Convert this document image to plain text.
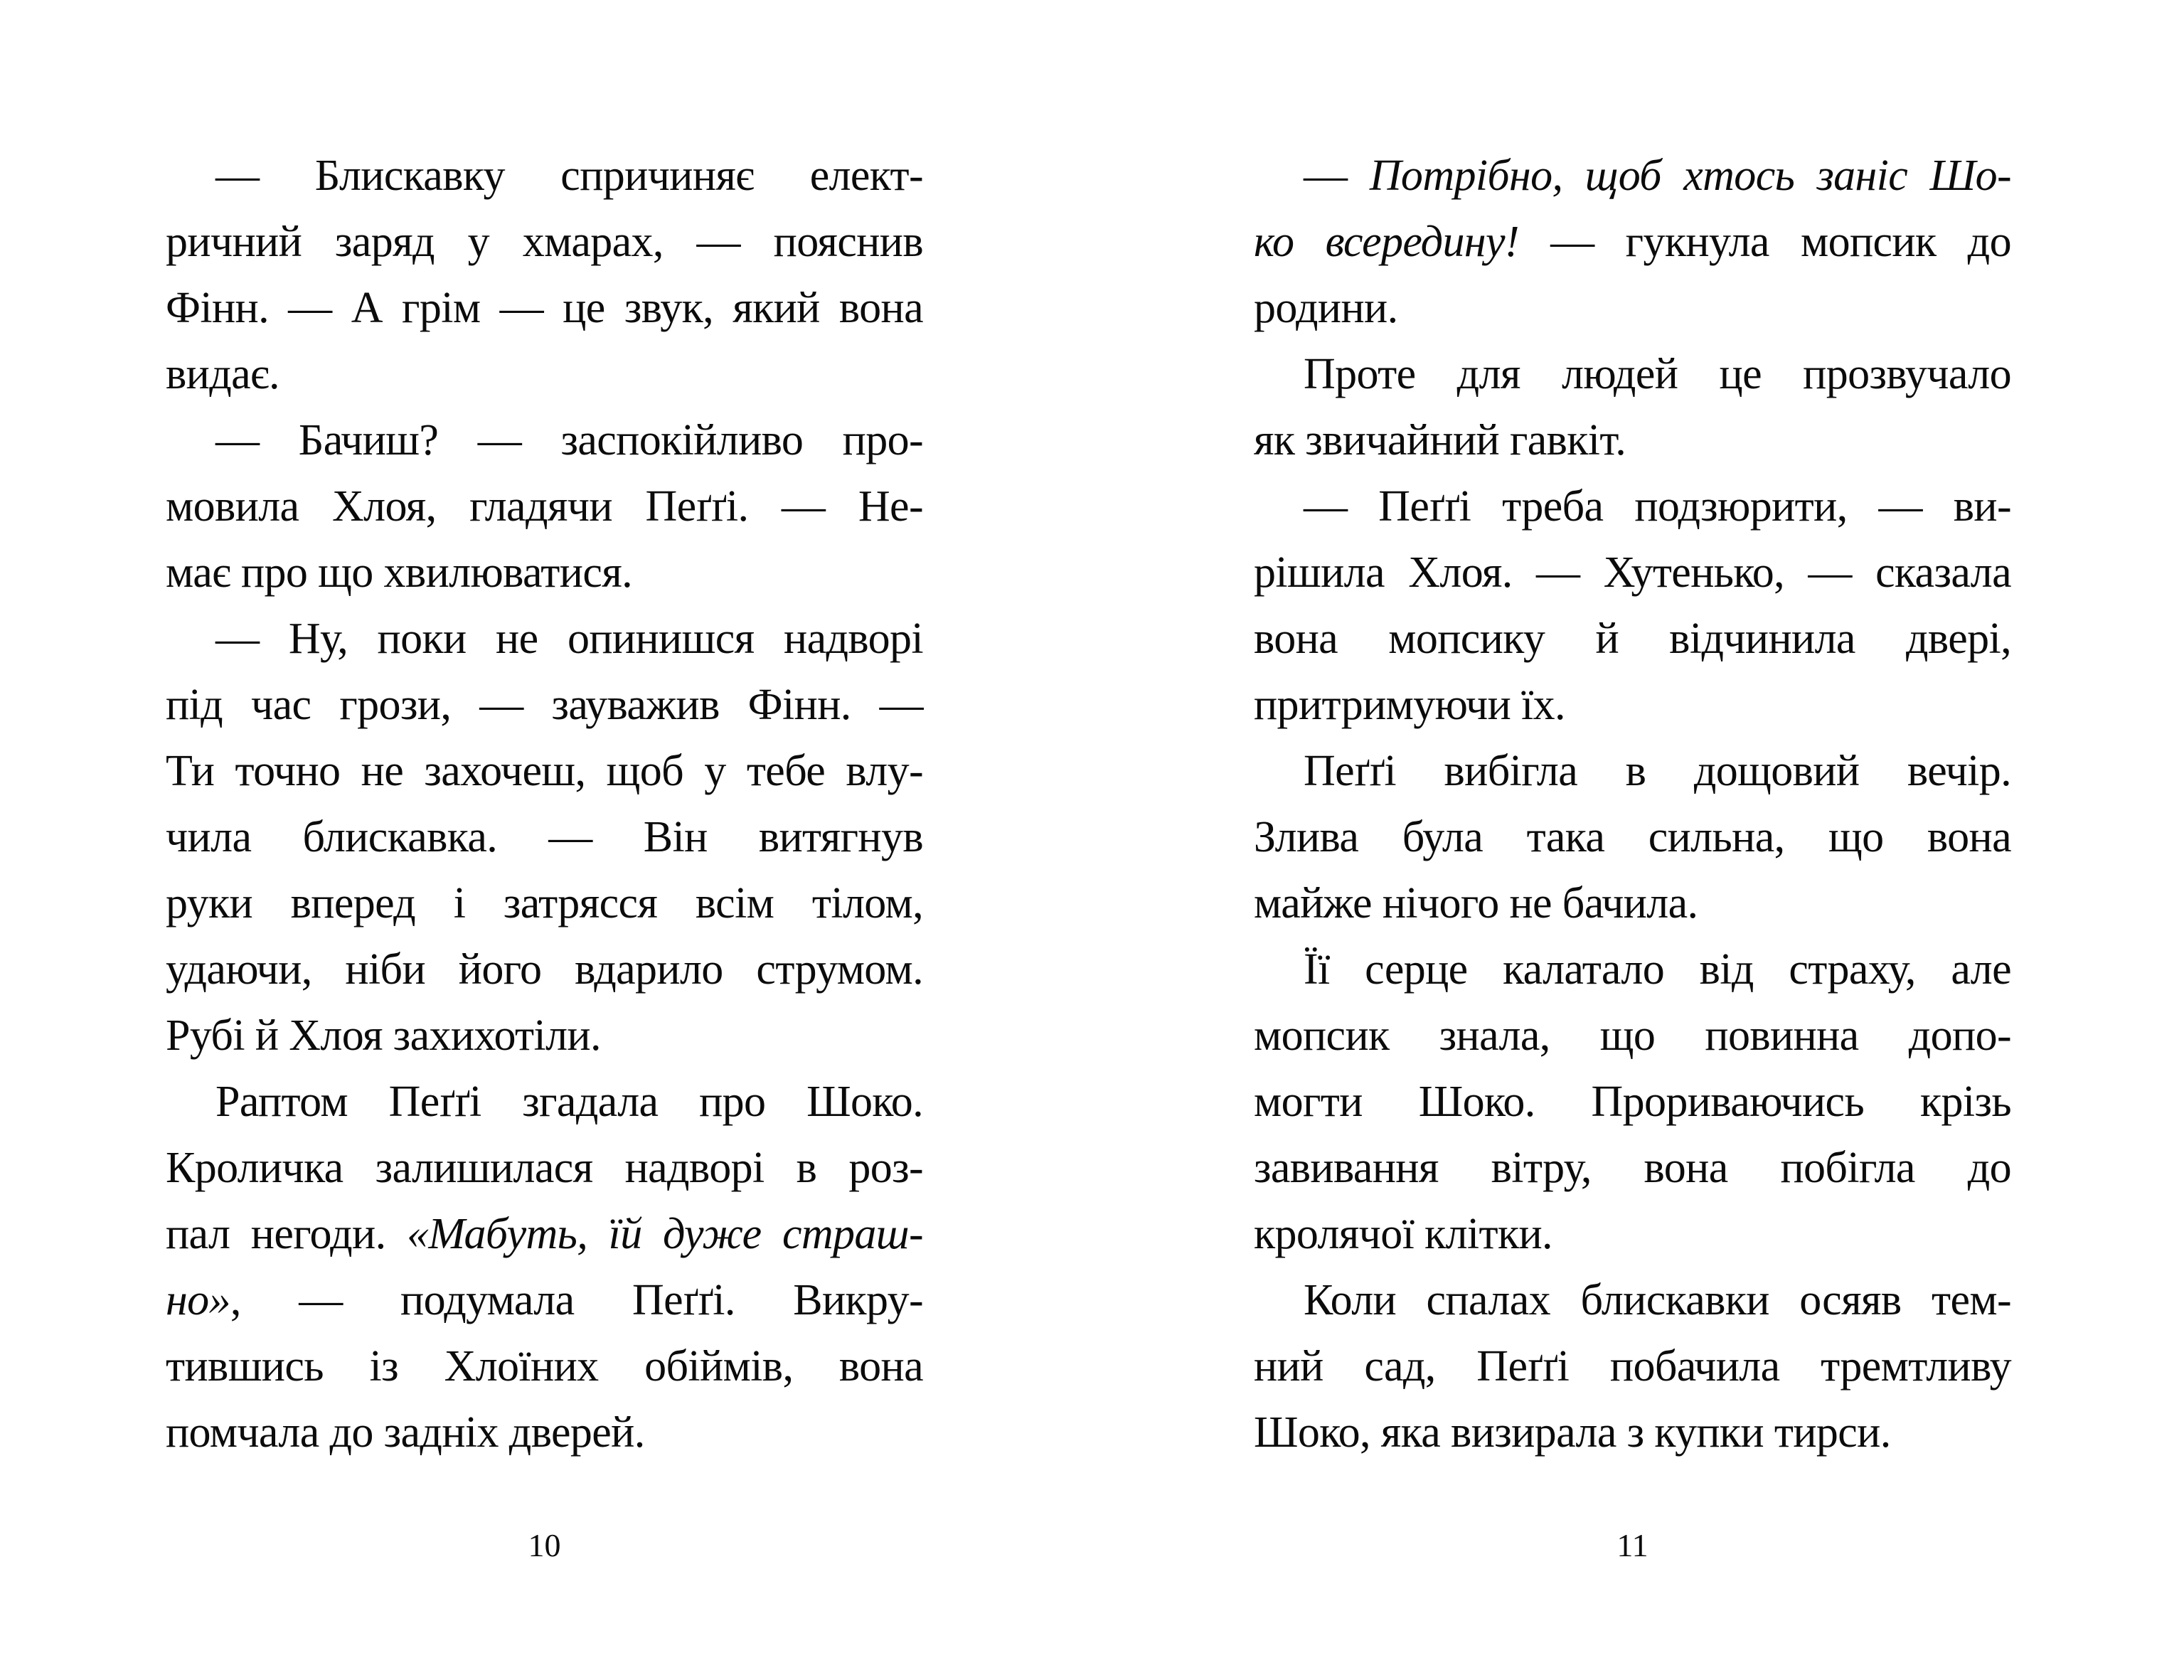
— Блискавку спричиняє елект-
ричний заряд у хмарах, — пояснив
Фінн. — А грім — це звук, який вона
видає.

— Бачиш? — заспокійливо про-
мовила Хлоя, гладячи Пеґґі. — Не-
має про що хвилюватися.

— Ну, поки не опинишся надворі
під час грози, — зауважив Фінн. —
Ти точно не захочеш, щоб у тебе влу-
чила блискавка. — Він витягнув
руки вперед і затрясся всім тілом,
удаючи, ніби його вдарило струмом.
Рубі й Хлоя захихотіли.

Раптом Пеґґі згадала про Шоко.
Кроличка залишилася надворі в роз-
пал негоди. «Мабуть, їй дуже страш-
но», — подумала Пеґґі. Викру-
тившись із Хлоїних обіймів, вона
помчала до задніх дверей.

10

— Потрібно, щоб хтось заніс Шо-
ко всередину! — гукнула мопсик до
родини.

Проте для людей це прозвучало
як звичайний гавкіт.

— Пеґґі треба подзюрити, — ви-
рішила Хлоя. — Хутенько, — сказала
вона мопсику й відчинила двері,
притримуючи їх.

Пеґґі вибігла в дощовий вечір.
Злива була така сильна, що вона
майже нічого не бачила.

Її серце калатало від страху, але
мопсик знала, що повинна допо-
могти Шоко. Прориваючись крізь
завивання вітру, вона побігла до
кролячої клітки.

Коли спалах блискавки осяяв тем-
ний сад, Пеґґі побачила тремтливу
Шоко, яка визирала з купки тирси.

11
